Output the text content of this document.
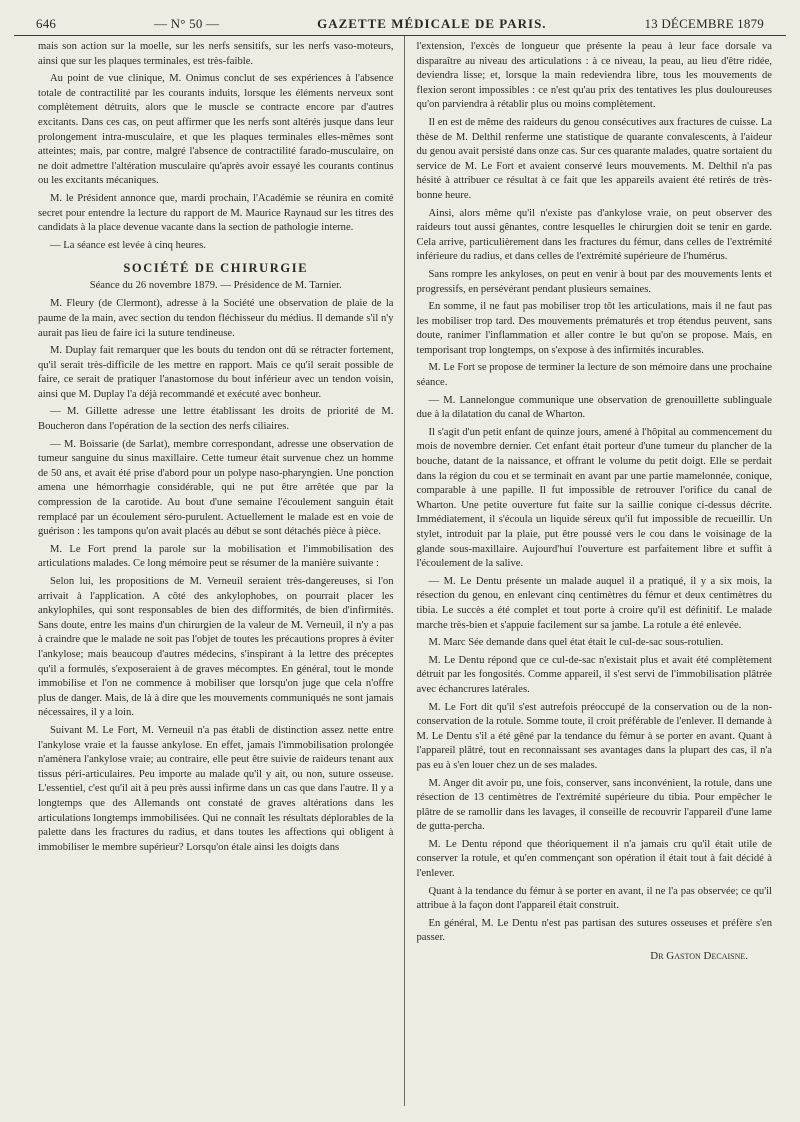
646	— N° 50 —	GAZETTE MÉDICALE DE PARIS.	13 DÉCEMBRE 1879

mais son action sur la moelle, sur les nerfs sensitifs, sur les nerfs vaso-moteurs, ainsi que sur les plaques terminales, est très-faible.

Au point de vue clinique, M. Onimus conclut de ses expériences à l'absence totale de contractilité par les courants induits, lorsque les éléments nerveux sont complètement détruits, alors que le muscle se contracte encore par d'autres excitants. Dans ces cas, on peut affirmer que les nerfs sont altérés jusque dans leur prolongement intra-musculaire, et que les plaques terminales elles-mêmes sont atteintes; mais, par contre, malgré l'absence de contractilité farado-musculaire, on ne doit admettre l'altération musculaire qu'après avoir essayé les courants continus ou les excitants mécaniques.

M. le Président annonce que, mardi prochain, l'Académie se réunira en comité secret pour entendre la lecture du rapport de M. Maurice Raynaud sur les titres des candidats à la place devenue vacante dans la section de pathologie interne.

— La séance est levée à cinq heures.

SOCIÉTÉ DE CHIRURGIE
Séance du 26 novembre 1879. — Présidence de M. Tarnier.

M. Fleury (de Clermont), adresse à la Société une observation de plaie de la paume de la main, avec section du tendon fléchisseur du médius. Il demande s'il n'y aurait pas lieu de faire ici la suture tendineuse.

M. Duplay fait remarquer que les bouts du tendon ont dû se rétracter fortement, qu'il serait très-difficile de les mettre en rapport. Mais ce qu'il serait possible de faire, ce serait de pratiquer l'anastomose du bout inférieur avec un tendon voisin, ainsi que M. Duplay l'a déjà recommandé et exécuté avec bonheur.

— M. Gillette adresse une lettre établissant les droits de priorité de M. Boucheron dans l'opération de la section des nerfs ciliaires.

— M. Boissarie (de Sarlat), membre correspondant, adresse une observation de tumeur sanguine du sinus maxillaire. Cette tumeur était survenue chez un homme de 50 ans, et avait été prise d'abord pour un polype naso-pharyngien. Une ponction amena une hémorrhagie considérable, qui ne put être arrêtée que par la compression de la carotide. Au bout d'une semaine l'écoulement sanguin était remplacé par un écoulement séro-purulent. Actuellement le malade est en voie de guérison : les tampons qu'on avait placés au début se sont détachés pièce à pièce.

M. Le Fort prend la parole sur la mobilisation et l'immobilisation des articulations malades. Ce long mémoire peut se résumer de la manière suivante :

Selon lui, les propositions de M. Verneuil seraient très-dangereuses, si l'on arrivait à l'application. A côté des ankylophobes, on pourrait placer les ankylophiles, qui sont responsables de bien des difformités, de bien d'infirmités. Sans doute, entre les mains d'un chirurgien de la valeur de M. Verneuil, il n'y a pas à craindre que le malade ne soit pas l'objet de toutes les précautions propres à éviter l'ankylose; mais beaucoup d'autres médecins, s'inspirant à la lettre des préceptes qu'il a formulés, s'exposeraient à de graves mécomptes. En général, tout le monde immobilise et l'on ne commence à mobiliser que lorsqu'on juge que cela n'offre plus de danger. Mais, de là à dire que les mouvements communiqués ne sont jamais nécessaires, il y a loin.

Suivant M. Le Fort, M. Verneuil n'a pas établi de distinction assez nette entre l'ankylose vraie et la fausse ankylose. En effet, jamais l'immobilisation prolongée n'amènera l'ankylose vraie; au contraire, elle peut être suivie de raideurs tenant aux tissus péri-articulaires. Peu importe au malade qu'il y ait, ou non, suture osseuse. L'essentiel, c'est qu'il ait à peu près aussi infirme dans un cas que dans l'autre. Il y a longtemps que des Allemands ont constaté de graves altérations dans les articulations longtemps immobilisées. Qui ne connaît les résultats déplorables de la palette dans les fractures du radius, et dans toutes les affections qui obligent à immobiliser le membre supérieur? Lorsqu'on étale ainsi les doigts dans

l'extension, l'excès de longueur que présente la peau à leur face dorsale va disparaître au niveau des articulations : à ce niveau, la peau, au lieu d'être ridée, deviendra lisse; et, lorsque la main redeviendra libre, tous les mouvements de flexion seront impossibles : ce n'est qu'au prix des tentatives les plus douloureuses qu'on parviendra à rétablir plus ou moins complètement.

Il en est de même des raideurs du genou consécutives aux fractures de cuisse. La thèse de M. Delthil renferme une statistique de quarante convalescents, à l'aideur du genou avait persisté dans onze cas. Sur ces quarante malades, quatre sortaient du service de M. Le Fort et avaient conservé leurs mouvements. M. Delthil n'a pas hésité à attribuer ce résultat à ce fait que les appareils avaient été retirés de très-bonne heure.

Ainsi, alors même qu'il n'existe pas d'ankylose vraie, on peut observer des raideurs tout aussi gênantes, contre lesquelles le chirurgien doit se tenir en garde. Cela arrive, particulièrement dans les fractures du fémur, dans celles de l'extrémité inférieure du radius, et dans celles de l'extrémité supérieure de l'humérus.

Sans rompre les ankyloses, on peut en venir à bout par des mouvements lents et progressifs, en persévérant pendant plusieurs semaines.

En somme, il ne faut pas mobiliser trop tôt les articulations, mais il ne faut pas les mobiliser trop tard. Des mouvements prématurés et trop étendus peuvent, sans doute, ranimer l'inflammation et aller contre le but qu'on se propose. Mais, en temporisant trop longtemps, on s'expose à des infirmités incurables.

M. Le Fort se propose de terminer la lecture de son mémoire dans une prochaine séance.

— M. Lannelongue communique une observation de grenouillette sublinguale due à la dilatation du canal de Wharton.

Il s'agit d'un petit enfant de quinze jours, amené à l'hôpital au commencement du mois de novembre dernier. Cet enfant était porteur d'une tumeur du plancher de la bouche, datant de la naissance, et offrant le volume du petit doigt. Elle se perdait dans la région du cou et se terminait en avant par une partie mamelonnée, conique, comparable à une papille. Il fut impossible de retrouver l'orifice du canal de Wharton. Une petite ouverture fut faite sur la saillie conique ci-dessus décrite. Immédiatement, il s'écoula un liquide séreux qu'il fut impossible de recueillir. Un stylet, introduit par la plaie, put être poussé vers le cou dans le voisinage de la glande sous-maxillaire. Aujourd'hui l'ouverture est parfaitement libre et suffit à l'écoulement de la salive.

— M. Le Dentu présente un malade auquel il a pratiqué, il y a six mois, la résection du genou, en enlevant cinq centimètres du fémur et deux centimètres du tibia. Le succès a été complet et tout porte à croire qu'il est définitif. Le malade marche très-bien et s'appuie facilement sur sa jambe. La rotule a été enlevée.

M. Marc Sée demande dans quel état était le cul-de-sac sous-rotulien.

M. Le Dentu répond que ce cul-de-sac n'existait plus et avait été complètement détruit par les fongosités. Comme appareil, il s'est servi de l'immobilisation plâtrée avec échancrures latérales.

M. Le Fort dit qu'il s'est autrefois préoccupé de la conservation ou de la non-conservation de la rotule. Somme toute, il croit préférable de l'enlever. Il demande à M. Le Dentu s'il a été gêné par la tendance du fémur à se porter en avant. Quant à l'appareil plâtré, tout en reconnaissant ses avantages dans la plupart des cas, il n'a pas eu à s'en louer chez un de ses malades.

M. Anger dit avoir pu, une fois, conserver, sans inconvénient, la rotule, dans une résection de 13 centimètres de l'extrémité supérieure du tibia. Pour empêcher le plâtre de se ramollir dans les lavages, il conseille de recouvrir l'appareil d'une lame de gutta-percha.

M. Le Dentu répond que théoriquement il n'a jamais cru qu'il était utile de conserver la rotule, et qu'en commençant son opération il était tout à fait décidé à l'enlever.

Quant à la tendance du fémur à se porter en avant, il ne l'a pas observée; ce qu'il attribue à la façon dont l'appareil était construit.

En général, M. Le Dentu n'est pas partisan des sutures osseuses et préfère s'en passer.

Dr Gaston Decaisne.
